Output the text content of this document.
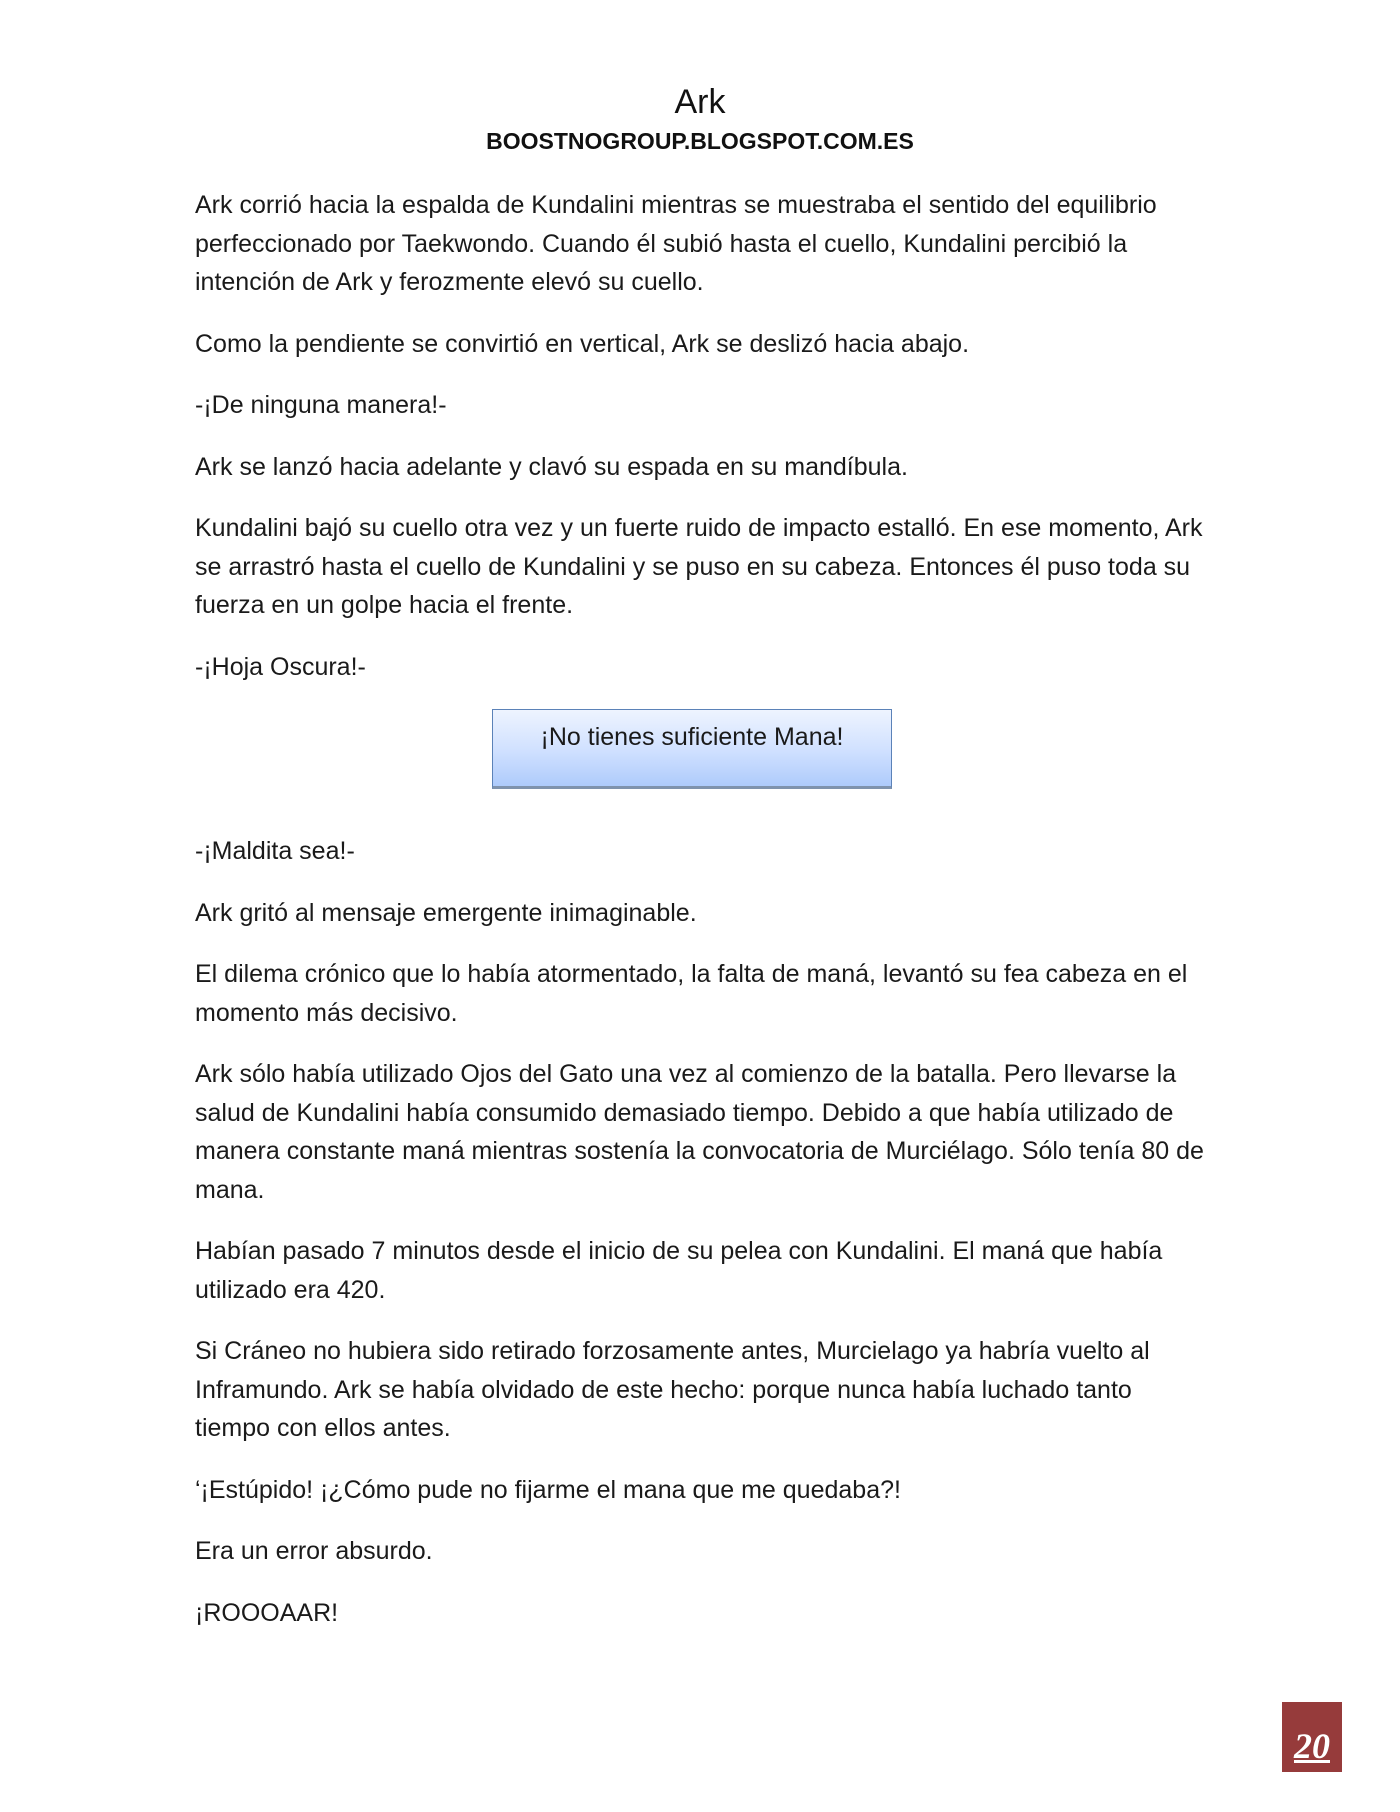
Ark
BOOSTNOGROUP.BLOGSPOT.COM.ES

Ark corrió hacia la espalda de Kundalini mientras se muestraba el sentido del equilibrio perfeccionado por Taekwondo. Cuando él subió hasta el cuello, Kundalini percibió la intención de Ark y ferozmente elevó su cuello.

Como la pendiente se convirtió en vertical, Ark se deslizó hacia abajo.

-¡De ninguna manera!-

Ark se lanzó hacia adelante y clavó su espada en su mandíbula.

Kundalini bajó su cuello otra vez y un fuerte ruido de impacto estalló. En ese momento, Ark se arrastró hasta el cuello de Kundalini y se puso en su cabeza. Entonces él puso toda su fuerza en un golpe hacia el frente.

-¡Hoja Oscura!-

¡No tienes suficiente Mana!

-¡Maldita sea!-

Ark gritó al mensaje emergente inimaginable.

El dilema crónico que lo había atormentado, la falta de maná, levantó su fea cabeza en el momento más decisivo.

Ark sólo había utilizado Ojos del Gato una vez al comienzo de la batalla. Pero llevarse la salud de Kundalini había consumido demasiado tiempo. Debido a que había utilizado de manera constante maná mientras sostenía la convocatoria de Murciélago. Sólo tenía 80 de mana.

Habían pasado 7 minutos desde el inicio de su pelea con Kundalini. El maná que había utilizado era 420.

Si Cráneo no hubiera sido retirado forzosamente antes, Murcielago ya habría vuelto al Inframundo. Ark se había olvidado de este hecho: porque nunca había luchado tanto tiempo con ellos antes.

‘¡Estúpido! ¡¿Cómo pude no fijarme el mana que me quedaba?!

Era un error absurdo.

¡ROOOAAR!

20
